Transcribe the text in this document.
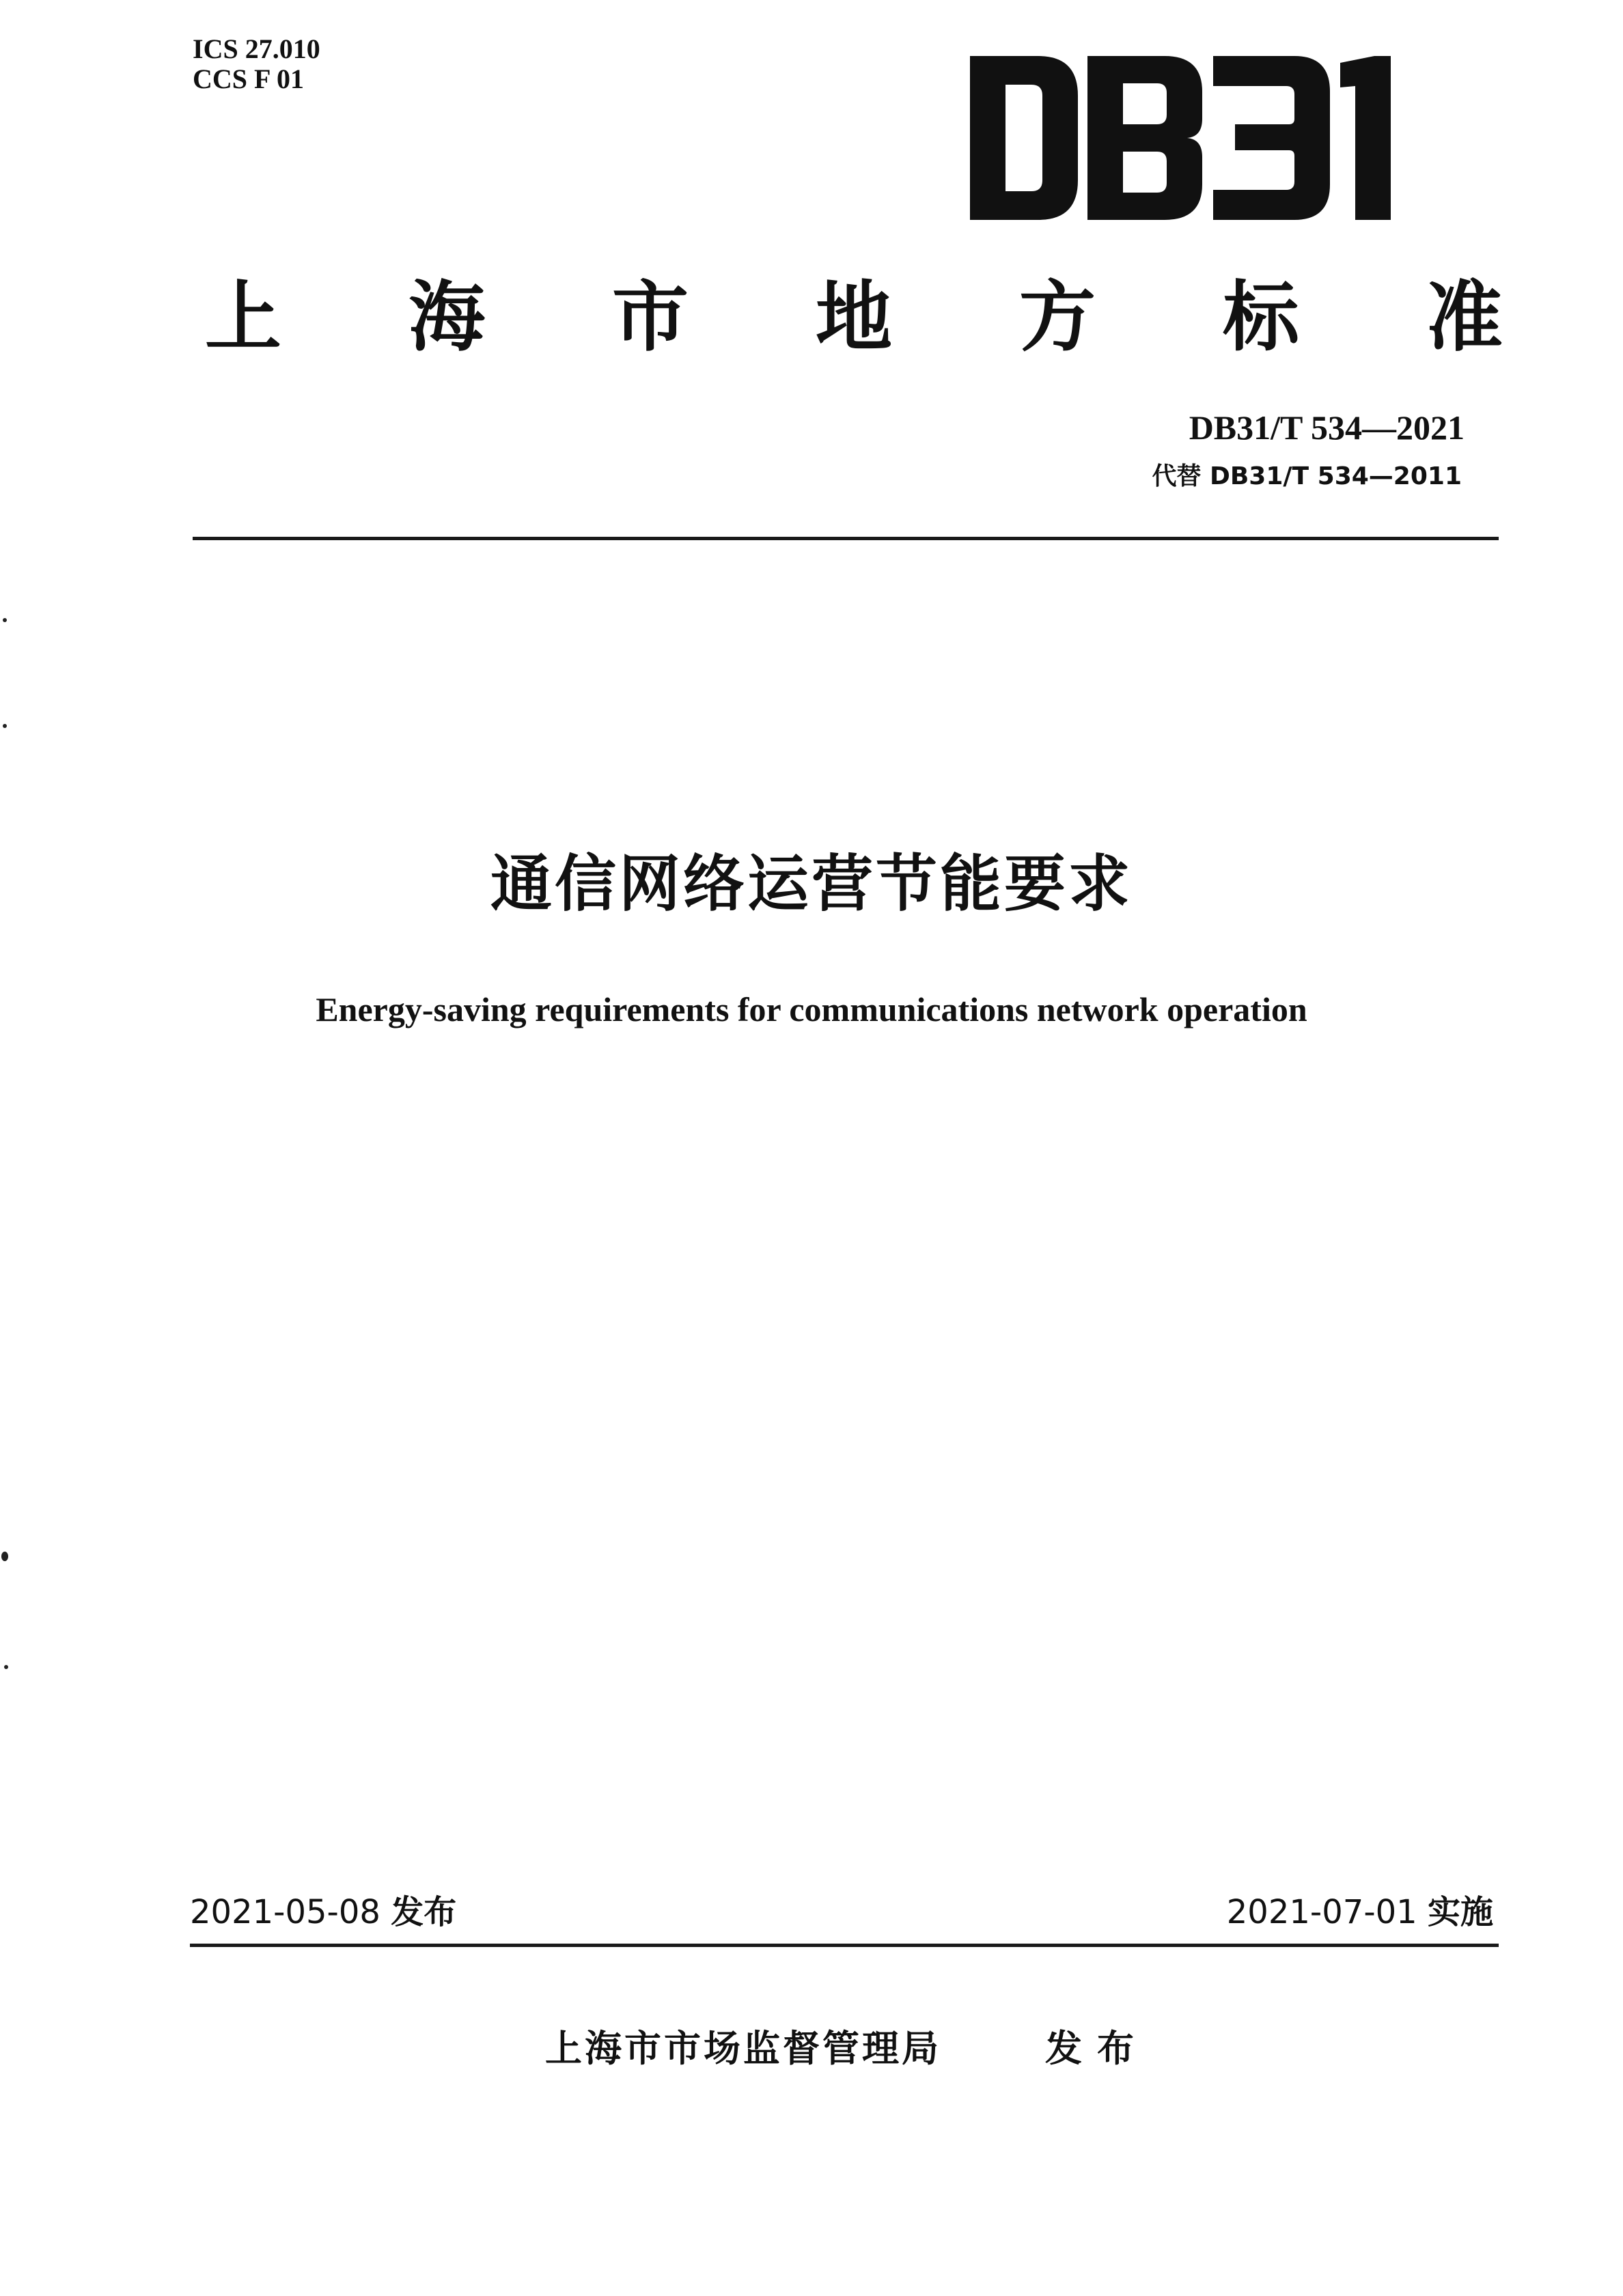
ICS 27.010
CCS F 01
上 海 市 地 方 标 准
DB31/T 534—2021
代替 DB31/T 534—2011
通信网络运营节能要求
Energy-saving requirements for communications network operation
2021-05-08 发布	2021-07-01 实施
上海市市场监督管理局	发布
